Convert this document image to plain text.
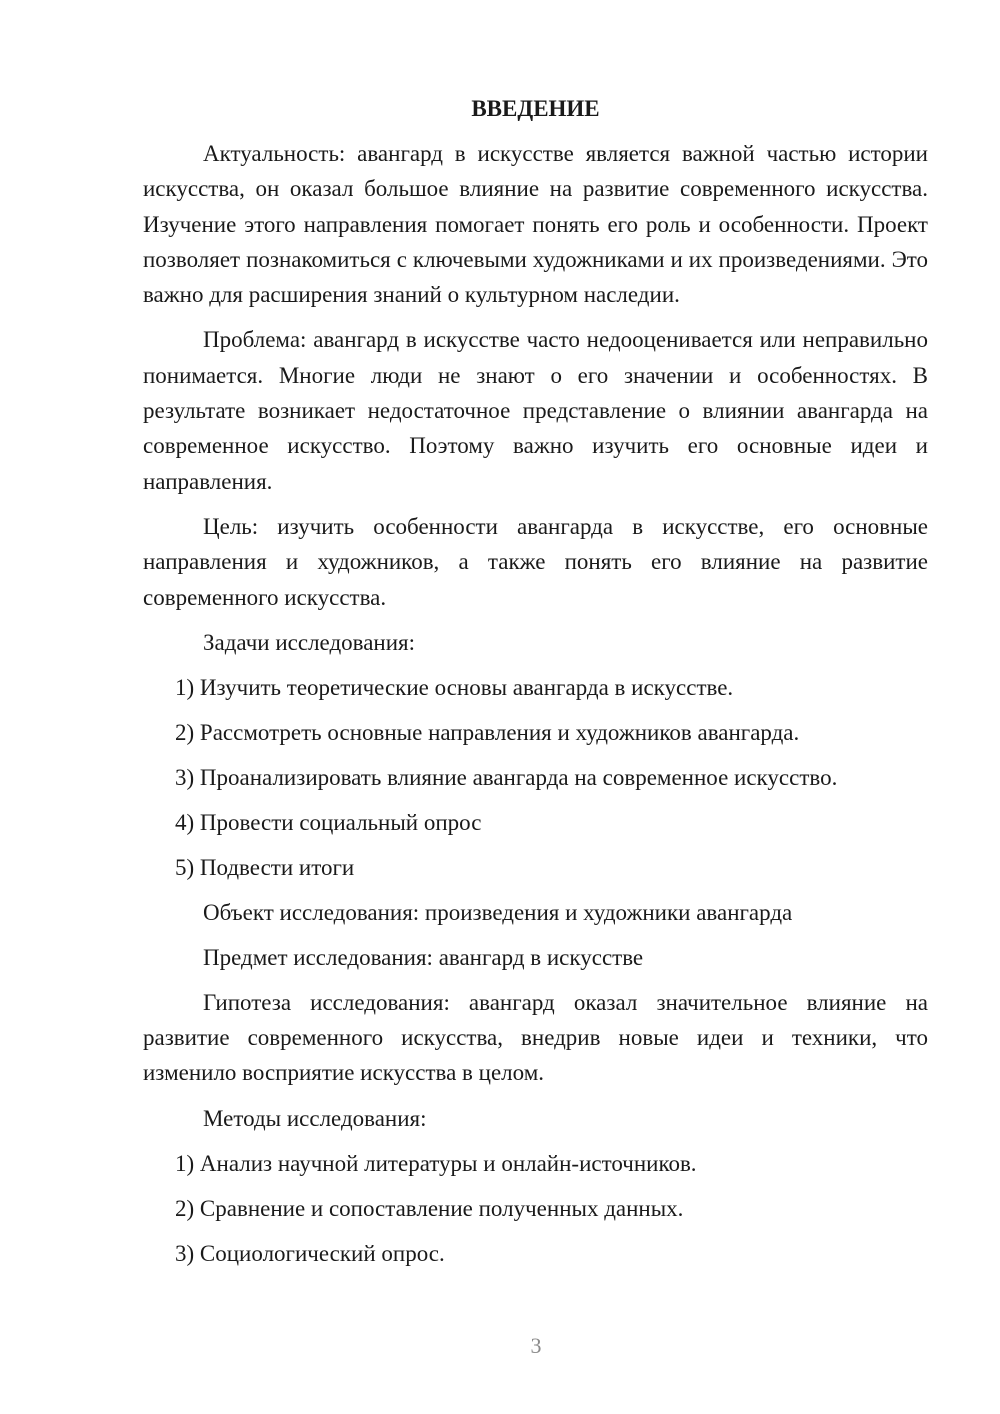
ВВЕДЕНИЕ

Актуальность: авангард в искусстве является важной частью истории искусства, он оказал большое влияние на развитие современного искусства. Изучение этого направления помогает понять его роль и особенности. Проект позволяет познакомиться с ключевыми художниками и их произведениями. Это важно для расширения знаний о культурном наследии.

Проблема: авангард в искусстве часто недооценивается или неправильно понимается. Многие люди не знают о его значении и особенностях. В результате возникает недостаточное представление о влиянии авангарда на современное искусство. Поэтому важно изучить его основные идеи и направления.

Цель: изучить особенности авангарда в искусстве, его основные направления и художников, а также понять его влияние на развитие современного искусства.

Задачи исследования:
1) Изучить теоретические основы авангарда в искусстве.
2) Рассмотреть основные направления и художников авангарда.
3) Проанализировать влияние авангарда на современное искусство.
4) Провести социальный опрос
5) Подвести итоги
Объект исследования: произведения и художники авангарда
Предмет исследования: авангард в искусстве

Гипотеза исследования: авангард оказал значительное влияние на развитие современного искусства, внедрив новые идеи и техники, что изменило восприятие искусства в целом.

Методы исследования:
1) Анализ научной литературы и онлайн-источников.
2) Сравнение и сопоставление полученных данных.
3) Социологический опрос.
3
